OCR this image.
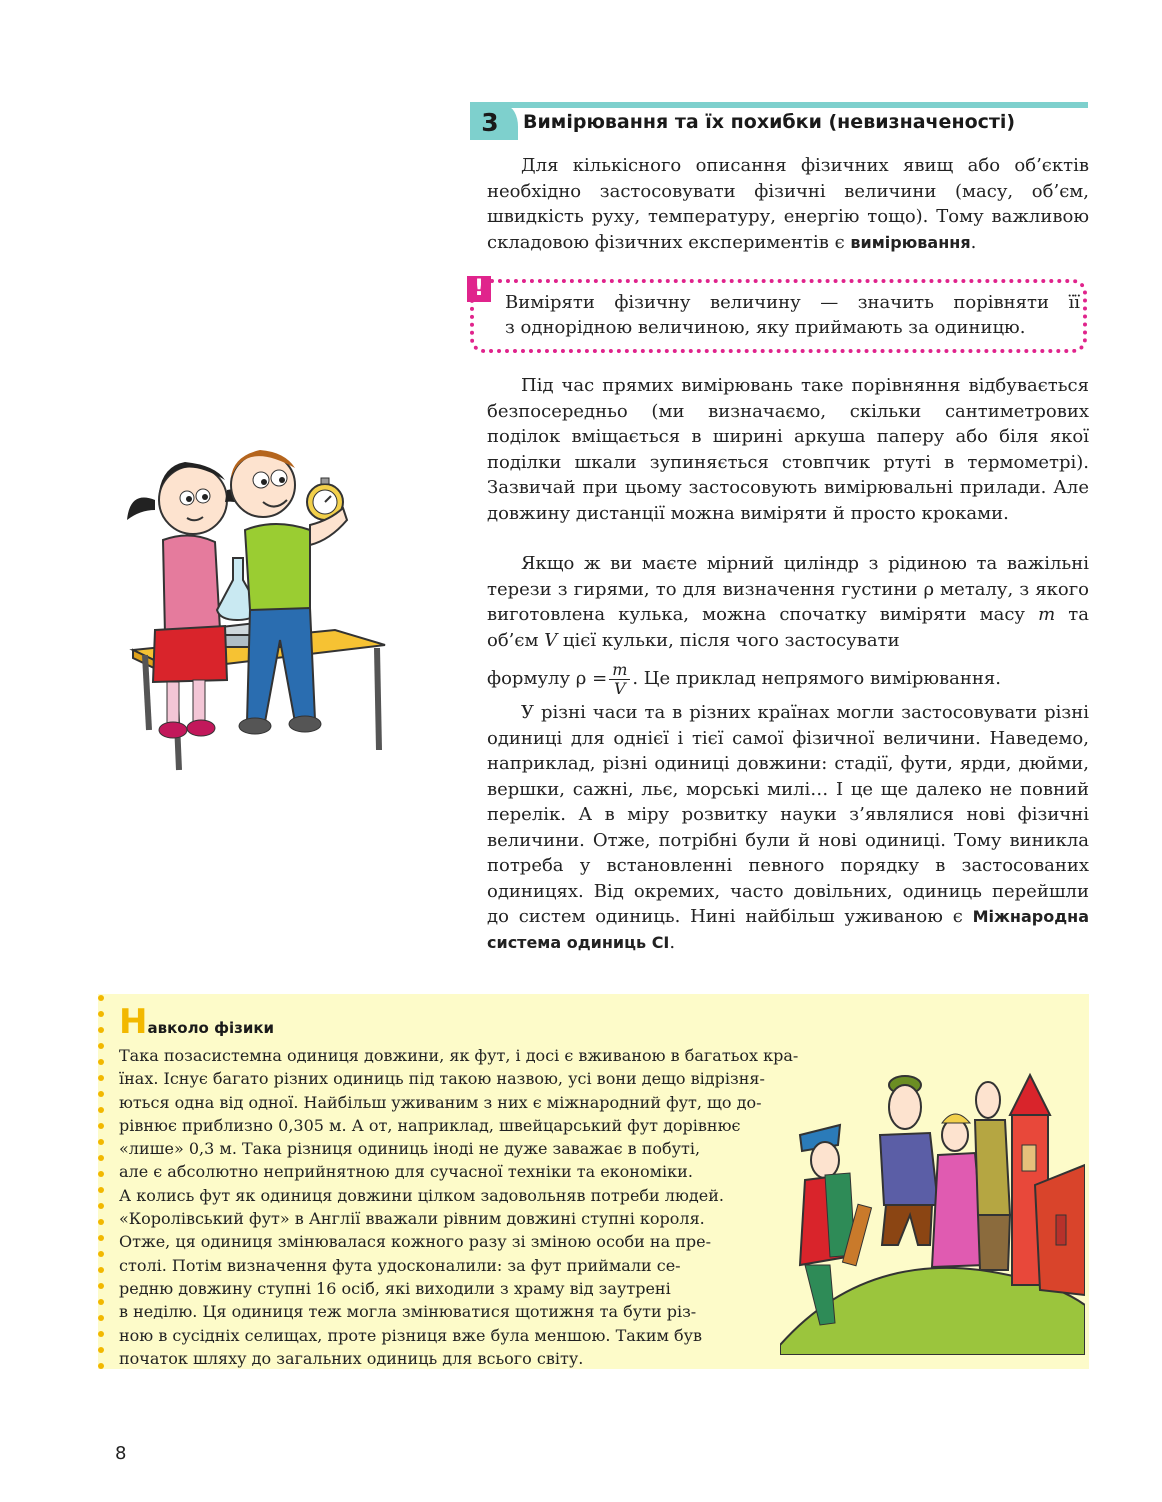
3	Вимірювання та їх похибки (невизначеності)

Для кількісного описання фізичних явищ або об’єктів необхідно застосовувати фізичні величини (масу, об’єм, швидкість руху, температуру, енергію тощо). Тому важливою складовою фізичних експериментів є вимірювання.

!

Виміряти фізичну величину — значить порівняти її

з однорідною величиною, яку приймають за одиницю.

Під час прямих вимірювань таке порівняння відбувається безпосередньо (ми визначаємо, скільки сантиметрових поділок вміщається в ширині аркуша паперу або біля якої поділки шкали зупиняється стовпчик ртуті в термометрі). Зазвичай при цьому застосовують вимірювальні прилади. Але довжину дистанції можна виміряти й просто кроками.

Якщо ж ви маєте мірний циліндр з рідиною та важільні терези з гирями, то для визначення густини ρ металу, з якого виготовлена кулька, можна спочатку виміряти масу m та об’єм V цієї кульки, після чого застосувати

формулу $\rho = \frac{m}{V}$ . Це приклад непрямого вимірювання.

У різні часи та в різних країнах могли застосовувати різні одиниці для однієї і тієї самої фізичної величини. Наведемо, наприклад, різні одиниці довжини: стадії, фути, ярди, дюйми, вершки, сажні, льє, морські милі… І це ще далеко не повний перелік. А в міру розвитку науки з’являлися нові фізичні величини. Отже, потрібні були й нові одиниці. Тому виникла потреба у встановленні певного порядку в застосованих одиницях. Від окремих, часто довільних, одиниць перейшли до систем одиниць. Нині найбільш уживаною є Міжнародна система одиниць СІ.

Навколо фізики
Така позасистемна одиниця довжини, як фут, і досі є вживаною в багатьох кра-
їнах. Існує багато різних одиниць під такою назвою, усі вони дещо відрізня-
ються одна від одної. Найбільш уживаним з них є міжнародний фут, що до-
рівнює приблизно 0,305 м. А от, наприклад, швейцарський фут дорівнює
«лише» 0,3 м. Така різниця одиниць іноді не дуже заважає в побуті,
але є абсолютно неприйнятною для сучасної техніки та економіки.
А колись фут як одиниця довжини цілком задовольняв потреби людей.
«Королівський фут» в Англії вважали рівним довжині ступні короля.
Отже, ця одиниця змінювалася кожного разу зі зміною особи на пре-
столі. Потім визначення фута удосконалили: за фут приймали се-
редню довжину ступні 16 осіб, які виходили з храму від заутрені
в неділю. Ця одиниця теж могла змінюватися щотижня та бути різ-
ною в сусідніх селищах, проте різниця вже була меншою. Таким був
початок шляху до загальних одиниць для всього світу.
8
